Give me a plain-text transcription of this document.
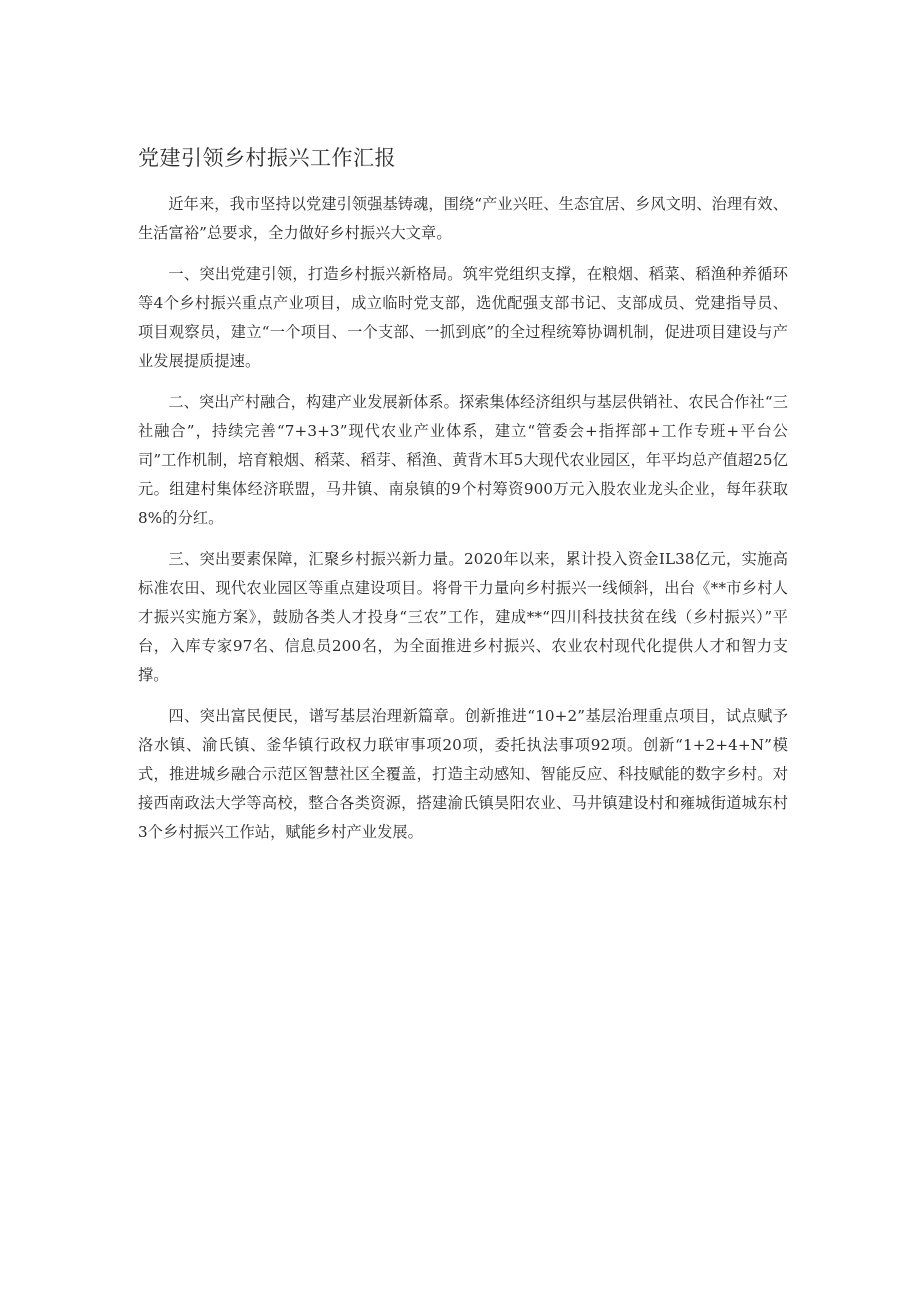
党建引领乡村振兴工作汇报

近年来，我市坚持以党建引领强基铸魂，围绕“产业兴旺、生态宜居、乡风文明、治理有效、生活富裕”总要求，全力做好乡村振兴大文章。

一、突出党建引领，打造乡村振兴新格局。筑牢党组织支撑，在粮烟、稻菜、稻渔种养循环等4个乡村振兴重点产业项目，成立临时党支部，选优配强支部书记、支部成员、党建指导员、项目观察员，建立“一个项目、一个支部、一抓到底”的全过程统筹协调机制，促进项目建设与产业发展提质提速。

二、突出产村融合，构建产业发展新体系。探索集体经济组织与基层供销社、农民合作社“三社融合”，持续完善“7+3+3”现代农业产业体系，建立“管委会+指挥部+工作专班+平台公司”工作机制，培育粮烟、稻菜、稻芽、稻渔、黄背木耳5大现代农业园区，年平均总产值超25亿元。组建村集体经济联盟，马井镇、南泉镇的9个村筹资900万元入股农业龙头企业，每年获取8%的分红。

三、突出要素保障，汇聚乡村振兴新力量。2020年以来，累计投入资金IL38亿元，实施高标准农田、现代农业园区等重点建设项目。将骨干力量向乡村振兴一线倾斜，出台《**市乡村人才振兴实施方案》，鼓励各类人才投身“三农”工作，建成**“四川科技扶贫在线（乡村振兴）”平台，入库专家97名、信息员200名，为全面推进乡村振兴、农业农村现代化提供人才和智力支撑。

四、突出富民便民，谱写基层治理新篇章。创新推进“10+2”基层治理重点项目，试点赋予洛水镇、渝氏镇、釜华镇行政权力联审事项20项，委托执法事项92项。创新“1+2+4+N”模式，推进城乡融合示范区智慧社区全覆盖，打造主动感知、智能反应、科技赋能的数字乡村。对接西南政法大学等高校，整合各类资源，搭建渝氏镇昊阳农业、马井镇建设村和雍城街道城东村3个乡村振兴工作站，赋能乡村产业发展。
